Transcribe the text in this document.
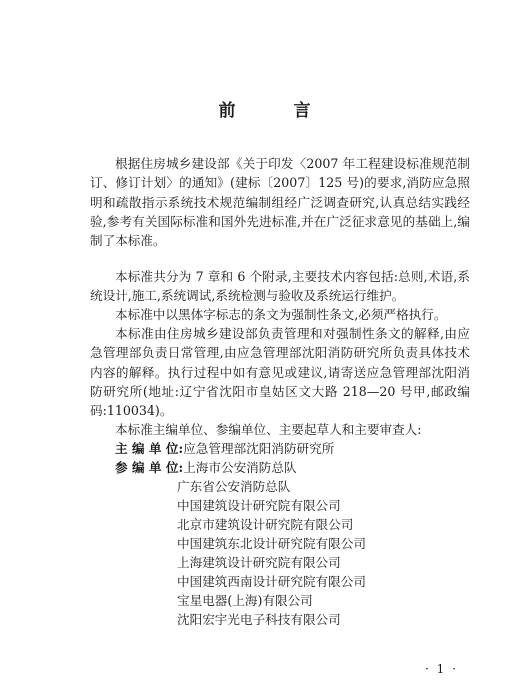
前 言

根据住房城乡建设部《关于印发〈2007 年工程建设标准规范制订、修订计划〉的通知》(建标〔2007〕125 号)的要求,消防应急照明和疏散指示系统技术规范编制组经广泛调查研究,认真总结实践经验,参考有关国际标准和国外先进标准,并在广泛征求意见的基础上,编制了本标准。

本标准共分为 7 章和 6 个附录,主要技术内容包括:总则,术语,系统设计,施工,系统调试,系统检测与验收及系统运行维护。

本标准中以黑体字标志的条文为强制性条文,必须严格执行。

本标准由住房城乡建设部负责管理和对强制性条文的解释,由应急管理部负责日常管理,由应急管理部沈阳消防研究所负责具体技术内容的解释。执行过程中如有意见或建议,请寄送应急管理部沈阳消防研究所(地址:辽宁省沈阳市皇姑区文大路 218—20 号甲,邮政编码:110034)。

本标准主编单位、参编单位、主要起草人和主要审查人:

主 编 单 位:应急管理部沈阳消防研究所
参 编 单 位:上海市公安消防总队
广东省公安消防总队
中国建筑设计研究院有限公司
北京市建筑设计研究院有限公司
中国建筑东北设计研究院有限公司
上海建筑设计研究院有限公司
中国建筑西南设计研究院有限公司
宝星电器(上海)有限公司
沈阳宏宇光电子科技有限公司
· 1 ·
